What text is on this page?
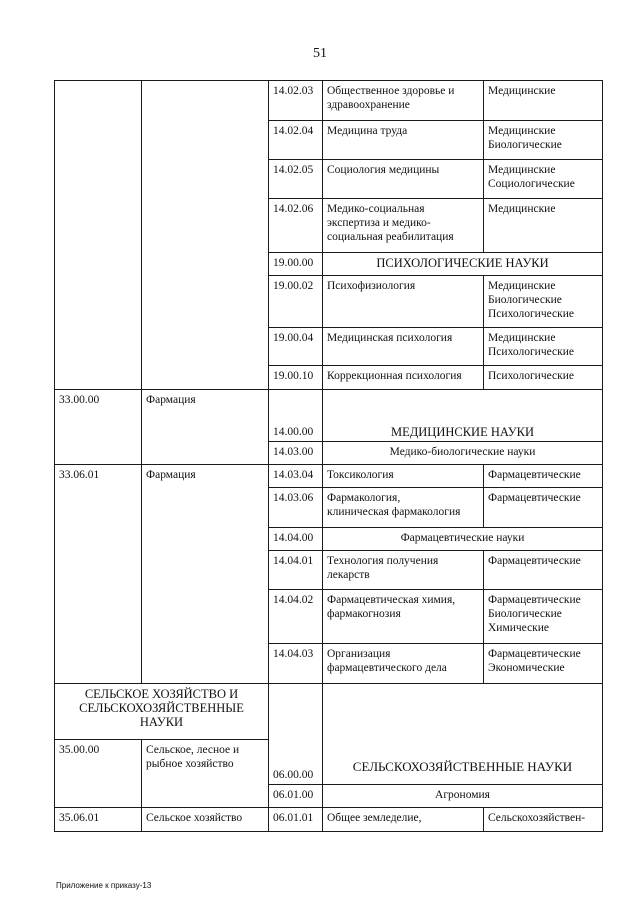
51
		14.02.03	Общественное здоровье и
здравоохранение	Медицинские
		14.02.04	Медицина труда	Медицинские
Биологические
		14.02.05	Социология медицины	Медицинские
Социологические
		14.02.06	Медико-социальная
экспертиза и медико-
социальная реабилитация	Медицинские
		19.00.00	ПСИХОЛОГИЧЕСКИЕ НАУКИ	
		19.00.02	Психофизиология	Медицинские
Биологические
Психологические
		19.00.04	Медицинская психология	Медицинские
Психологические
		19.00.10	Коррекционная психология	Психологические
33.00.00	Фармация	14.00.00	МЕДИЦИНСКИЕ НАУКИ	
		14.03.00	Медико-биологические науки	
33.06.01	Фармация	14.03.04	Токсикология	Фармацевтические
		14.03.06	Фармакология,
клиническая фармакология	Фармацевтические
		14.04.00	Фармацевтические науки	
		14.04.01	Технология получения
лекарств	Фармацевтические
		14.04.02	Фармацевтическая химия,
фармакогнозия	Фармацевтические
Биологические
Химические
		14.04.03	Организация
фармацевтического дела	Фармацевтические
Экономические
СЕЛЬСКОЕ ХОЗЯЙСТВО И
СЕЛЬСКОХОЗЯЙСТВЕННЫЕ
НАУКИ		06.00.00	СЕЛЬСКОХОЗЯЙСТВЕННЫЕ НАУКИ	
35.00.00	Сельское, лесное и
рыбное хозяйство			
		06.01.00	Агрономия	
35.06.01	Сельское хозяйство	06.01.01	Общее земледелие,	Сельскохозяйствен-
Приложение к приказу-13
